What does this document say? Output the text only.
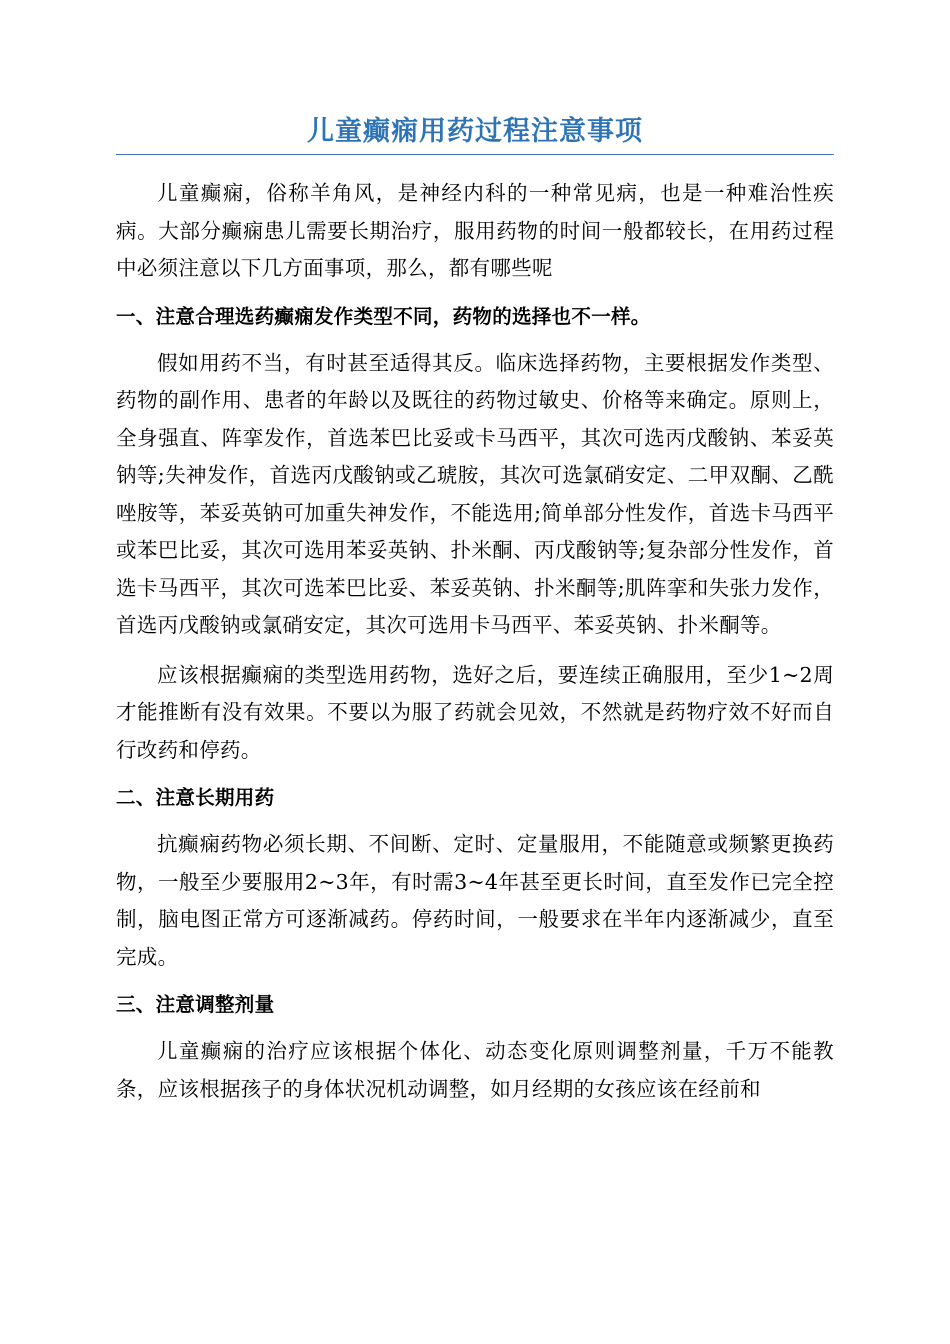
儿童癫痫用药过程注意事项

儿童癫痫，俗称羊角风，是神经内科的一种常见病，也是一种难治性疾病。大部分癫痫患儿需要长期治疗，服用药物的时间一般都较长，在用药过程中必须注意以下几方面事项，那么，都有哪些呢

一、注意合理选药癫痫发作类型不同，药物的选择也不一样。

假如用药不当，有时甚至适得其反。临床选择药物，主要根据发作类型、药物的副作用、患者的年龄以及既往的药物过敏史、价格等来确定。原则上，全身强直、阵挛发作，首选苯巴比妥或卡马西平，其次可选丙戊酸钠、苯妥英钠等;失神发作，首选丙戊酸钠或乙琥胺，其次可选氯硝安定、二甲双酮、乙酰唑胺等，苯妥英钠可加重失神发作，不能选用;简单部分性发作，首选卡马西平或苯巴比妥，其次可选用苯妥英钠、扑米酮、丙戊酸钠等;复杂部分性发作，首选卡马西平，其次可选苯巴比妥、苯妥英钠、扑米酮等;肌阵挛和失张力发作，首选丙戊酸钠或氯硝安定，其次可选用卡马西平、苯妥英钠、扑米酮等。

应该根据癫痫的类型选用药物，选好之后，要连续正确服用，至少1~2周才能推断有没有效果。不要以为服了药就会见效，不然就是药物疗效不好而自行改药和停药。

二、注意长期用药

抗癫痫药物必须长期、不间断、定时、定量服用，不能随意或频繁更换药物，一般至少要服用2~3年，有时需3~4年甚至更长时间，直至发作已完全控制，脑电图正常方可逐渐减药。停药时间，一般要求在半年内逐渐减少，直至完成。

三、注意调整剂量

儿童癫痫的治疗应该根据个体化、动态变化原则调整剂量，千万不能教条，应该根据孩子的身体状况机动调整，如月经期的女孩应该在经前和
